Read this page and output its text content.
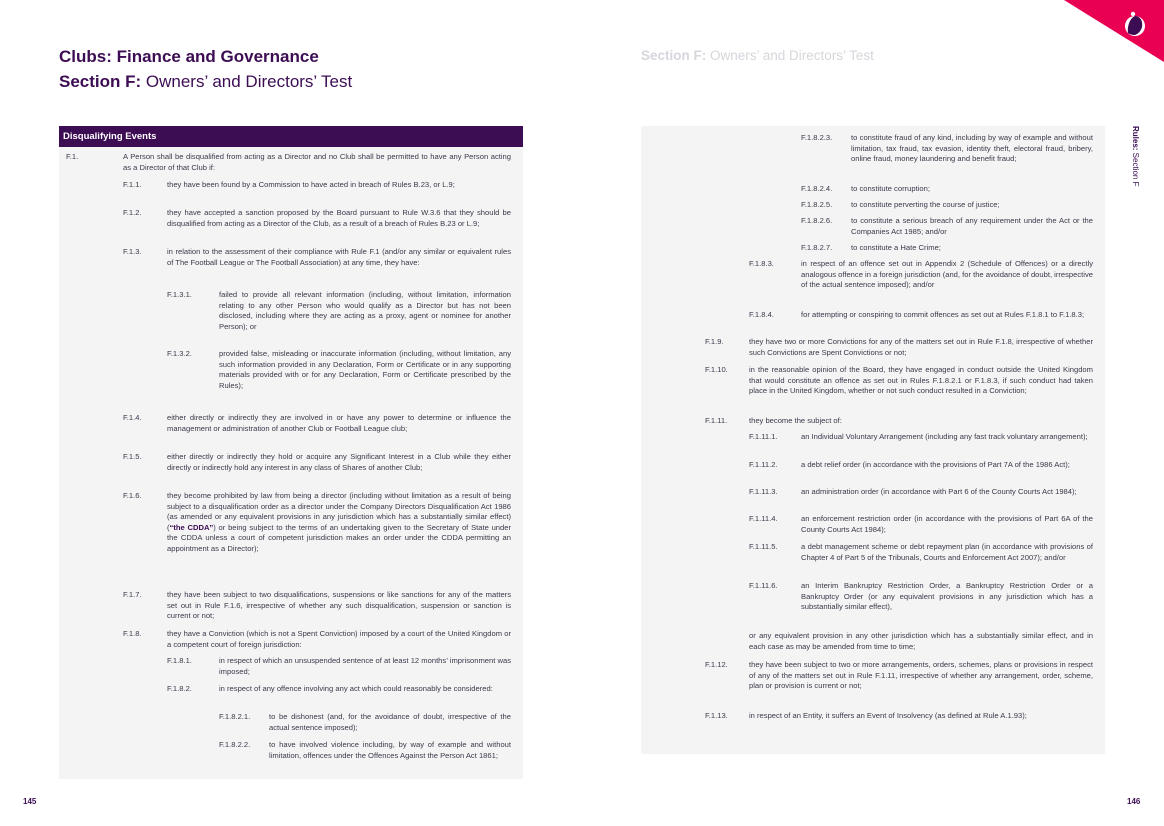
Clubs: Finance and Governance
Section F: Owners’ and Directors’ Test
Section F: Owners’ and Directors’ Test
Rules: Section F
Disqualifying Events
F.1.	A Person shall be disqualified from acting as a Director and no Club shall be permitted to have any Person acting as a Director of that Club if:
F.1.1.	they have been found by a Commission to have acted in breach of Rules B.23, or L.9;
F.1.2.	they have accepted a sanction proposed by the Board pursuant to Rule W.3.6 that they should be disqualified from acting as a Director of the Club, as a result of a breach of Rules B.23 or L.9;
F.1.3.	in relation to the assessment of their compliance with Rule F.1 (and/or any similar or equivalent rules of The Football League or The Football Association) at any time, they have:
F.1.3.1.	failed to provide all relevant information (including, without limitation, information relating to any other Person who would qualify as a Director but has not been disclosed, including where they are acting as a proxy, agent or nominee for another Person); or
F.1.3.2.	provided false, misleading or inaccurate information (including, without limitation, any such information provided in any Declaration, Form or Certificate or in any supporting materials provided with or for any Declaration, Form or Certificate prescribed by the Rules);
F.1.4.	either directly or indirectly they are involved in or have any power to determine or influence the management or administration of another Club or Football League club;
F.1.5.	either directly or indirectly they hold or acquire any Significant Interest in a Club while they either directly or indirectly hold any interest in any class of Shares of another Club;
F.1.6.	they become prohibited by law from being a director (including without limitation as a result of being subject to a disqualification order as a director under the Company Directors Disqualification Act 1986 (as amended or any equivalent provisions in any jurisdiction which has a substantially similar effect) (“the CDDA”) or being subject to the terms of an undertaking given to the Secretary of State under the CDDA unless a court of competent jurisdiction makes an order under the CDDA permitting an appointment as a Director);
F.1.7.	they have been subject to two disqualifications, suspensions or like sanctions for any of the matters set out in Rule F.1.6, irrespective of whether any such disqualification, suspension or sanction is current or not;
F.1.8.	they have a Conviction (which is not a Spent Conviction) imposed by a court of the United Kingdom or a competent court of foreign jurisdiction:
F.1.8.1.	in respect of which an unsuspended sentence of at least 12 months’ imprisonment was imposed;
F.1.8.2.	in respect of any offence involving any act which could reasonably be considered:
F.1.8.2.1. to be dishonest (and, for the avoidance of doubt, irrespective of the actual sentence imposed);
F.1.8.2.2. to have involved violence including, by way of example and without limitation, offences under the Offences Against the Person Act 1861;
F.1.8.2.3. to constitute fraud of any kind, including by way of example and without limitation, tax fraud, tax evasion, identity theft, electoral fraud, bribery, online fraud, money laundering and benefit fraud;
F.1.8.2.4. to constitute corruption;
F.1.8.2.5. to constitute perverting the course of justice;
F.1.8.2.6. to constitute a serious breach of any requirement under the Act or the Companies Act 1985; and/or
F.1.8.2.7. to constitute a Hate Crime;
F.1.8.3.	in respect of an offence set out in Appendix 2 (Schedule of Offences) or a directly analogous offence in a foreign jurisdiction (and, for the avoidance of doubt, irrespective of the actual sentence imposed); and/or
F.1.8.4.	for attempting or conspiring to commit offences as set out at Rules F.1.8.1 to F.1.8.3;
F.1.9.	they have two or more Convictions for any of the matters set out in Rule F.1.8, irrespective of whether such Convictions are Spent Convictions or not;
F.1.10.	in the reasonable opinion of the Board, they have engaged in conduct outside the United Kingdom that would constitute an offence as set out in Rules F.1.8.2.1 or F.1.8.3, if such conduct had taken place in the United Kingdom, whether or not such conduct resulted in a Conviction;
F.1.11.	they become the subject of:
F.1.11.1.	an Individual Voluntary Arrangement (including any fast track voluntary arrangement);
F.1.11.2.	a debt relief order (in accordance with the provisions of Part 7A of the 1986 Act);
F.1.11.3.	an administration order (in accordance with Part 6 of the County Courts Act 1984);
F.1.11.4.	an enforcement restriction order (in accordance with the provisions of Part 6A of the County Courts Act 1984);
F.1.11.5.	a debt management scheme or debt repayment plan (in accordance with provisions of Chapter 4 of Part 5 of the Tribunals, Courts and Enforcement Act 2007); and/or
F.1.11.6.	an Interim Bankruptcy Restriction Order, a Bankruptcy Restriction Order or a Bankruptcy Order (or any equivalent provisions in any jurisdiction which has a substantially similar effect),
or any equivalent provision in any other jurisdiction which has a substantially similar effect, and in each case as may be amended from time to time;
F.1.12.	they have been subject to two or more arrangements, orders, schemes, plans or provisions in respect of any of the matters set out in Rule F.1.11, irrespective of whether any arrangement, order, scheme, plan or provision is current or not;
F.1.13.	in respect of an Entity, it suffers an Event of Insolvency (as defined at Rule A.1.93);
145	146
